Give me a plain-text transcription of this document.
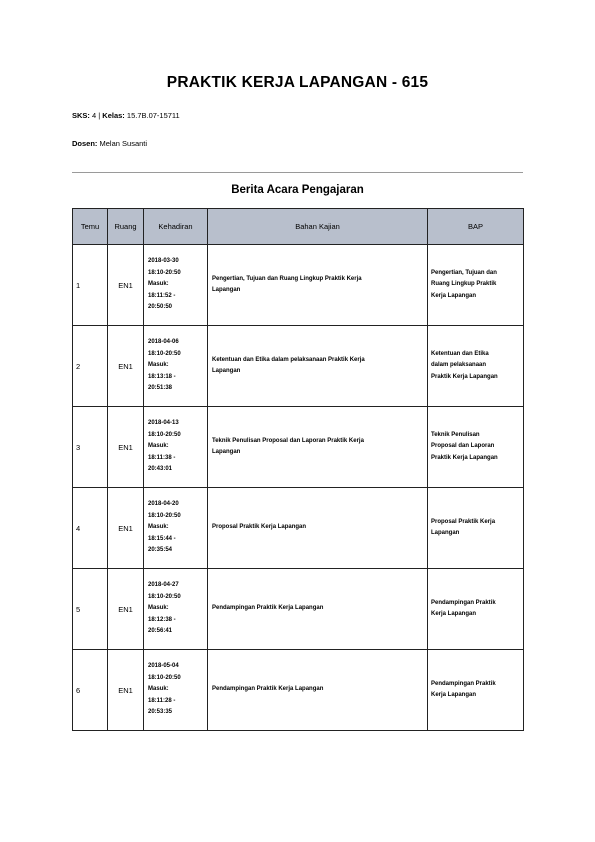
PRAKTIK KERJA LAPANGAN - 615
SKS: 4 | Kelas: 15.7B.07-15711
Dosen: Melan Susanti
Berita Acara Pengajaran
Temu	Ruang	Kehadiran	Bahan Kajian	BAP
1	EN1	2018-03-30
18:10-20:50
Masuk:
18:11:52 -
20:50:50	Pengertian, Tujuan dan Ruang Lingkup Praktik Kerja
Lapangan	Pengertian, Tujuan dan
Ruang Lingkup Praktik
Kerja Lapangan

2	EN1	2018-04-06
18:10-20:50
Masuk:
18:13:18 -
20:51:38	Ketentuan dan Etika dalam pelaksanaan Praktik Kerja
Lapangan	Ketentuan dan Etika
dalam pelaksanaan
Praktik Kerja Lapangan

3	EN1	2018-04-13
18:10-20:50
Masuk:
18:11:38 -
20:43:01	Teknik Penulisan Proposal dan Laporan Praktik Kerja
Lapangan	Teknik Penulisan
Proposal dan Laporan
Praktik Kerja Lapangan

4	EN1	2018-04-20
18:10-20:50
Masuk:
18:15:44 -
20:35:54	Proposal Praktik Kerja Lapangan	Proposal Praktik Kerja
Lapangan

5	EN1	2018-04-27
18:10-20:50
Masuk:
18:12:38 -
20:56:41	Pendampingan Praktik Kerja Lapangan	Pendampingan Praktik
Kerja Lapangan

6	EN1	2018-05-04
18:10-20:50
Masuk:
18:11:28 -
20:53:35	Pendampingan Praktik Kerja Lapangan	Pendampingan Praktik
Kerja Lapangan
